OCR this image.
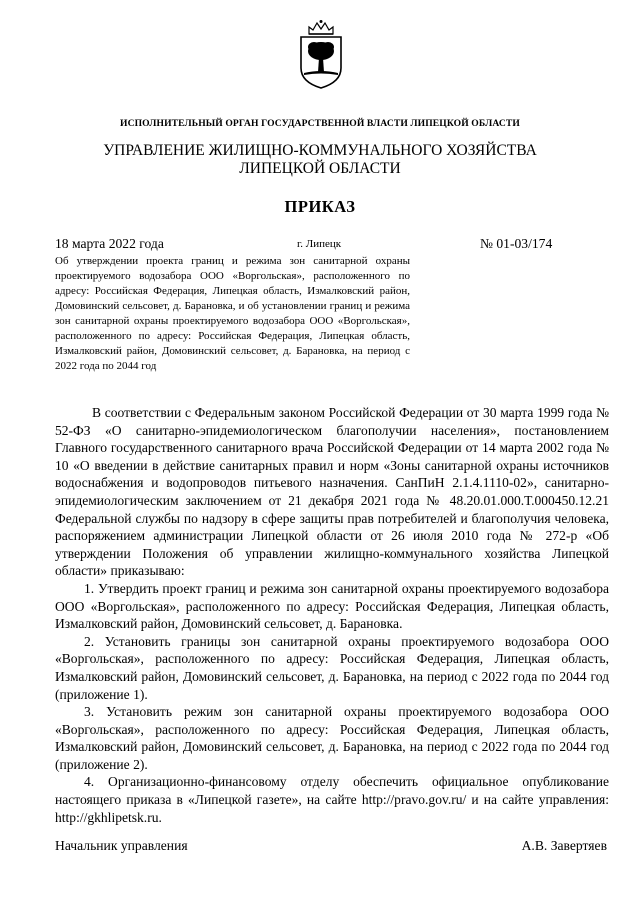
ИСПОЛНИТЕЛЬНЫЙ ОРГАН ГОСУДАРСТВЕННОЙ ВЛАСТИ ЛИПЕЦКОЙ ОБЛАСТИ
УПРАВЛЕНИЕ ЖИЛИЩНО-КОММУНАЛЬНОГО ХОЗЯЙСТВА
ЛИПЕЦКОЙ ОБЛАСТИ
ПРИКАЗ
18 марта 2022 года	г. Липецк	№ 01-03/174
Об утверждении проекта границ и режима зон санитарной охраны проектируемого водозабора ООО «Воргольская», расположенного по адресу: Российская Федерация, Липецкая область, Измалковский район, Домовинский сельсовет, д. Барановка, и об установлении границ и режима зон санитарной охраны проектируемого водозабора ООО «Воргольская», расположенного по адресу: Российская Федерация, Липецкая область, Измалковский район, Домовинский сельсовет, д. Барановка, на период с 2022 года по 2044 год

В соответствии с Федеральным законом Российской Федерации от 30 марта 1999 года № 52-ФЗ «О санитарно-эпидемиологическом благополучии населения», постановлением Главного государственного санитарного врача Российской Федерации от 14 марта 2002 года № 10 «О введении в действие санитарных правил и норм «Зоны санитарной охраны источников водоснабжения и водопроводов питьевого назначения. СанПиН 2.1.4.1110-02», санитарно-эпидемиологическим заключением от 21 декабря 2021 года № 48.20.01.000.Т.000450.12.21 Федеральной службы по надзору в сфере защиты прав потребителей и благополучия человека, распоряжением администрации Липецкой области от 26 июля 2010 года № 272-р «Об утверждении Положения об управлении жилищно-коммунального хозяйства Липецкой области» приказываю:

1. Утвердить проект границ и режима зон санитарной охраны проектируемого водозабора ООО «Воргольская», расположенного по адресу: Российская Федерация, Липецкая область, Измалковский район, Домовинский сельсовет, д. Барановка.

2. Установить границы зон санитарной охраны проектируемого водозабора ООО «Воргольская», расположенного по адресу: Российская Федерация, Липецкая область, Измалковский район, Домовинский сельсовет, д. Барановка, на период с 2022 года по 2044 год (приложение 1).

3. Установить режим зон санитарной охраны проектируемого водозабора ООО «Воргольская», расположенного по адресу: Российская Федерация, Липецкая область, Измалковский район, Домовинский сельсовет, д. Барановка, на период с 2022 года по 2044 год (приложение 2).

4. Организационно-финансовому отделу обеспечить официальное опубликование настоящего приказа в «Липецкой газете», на сайте http://pravo.gov.ru/ и на сайте управления: http://gkhlipetsk.ru.

Начальник управления	А.В. Завертяев
